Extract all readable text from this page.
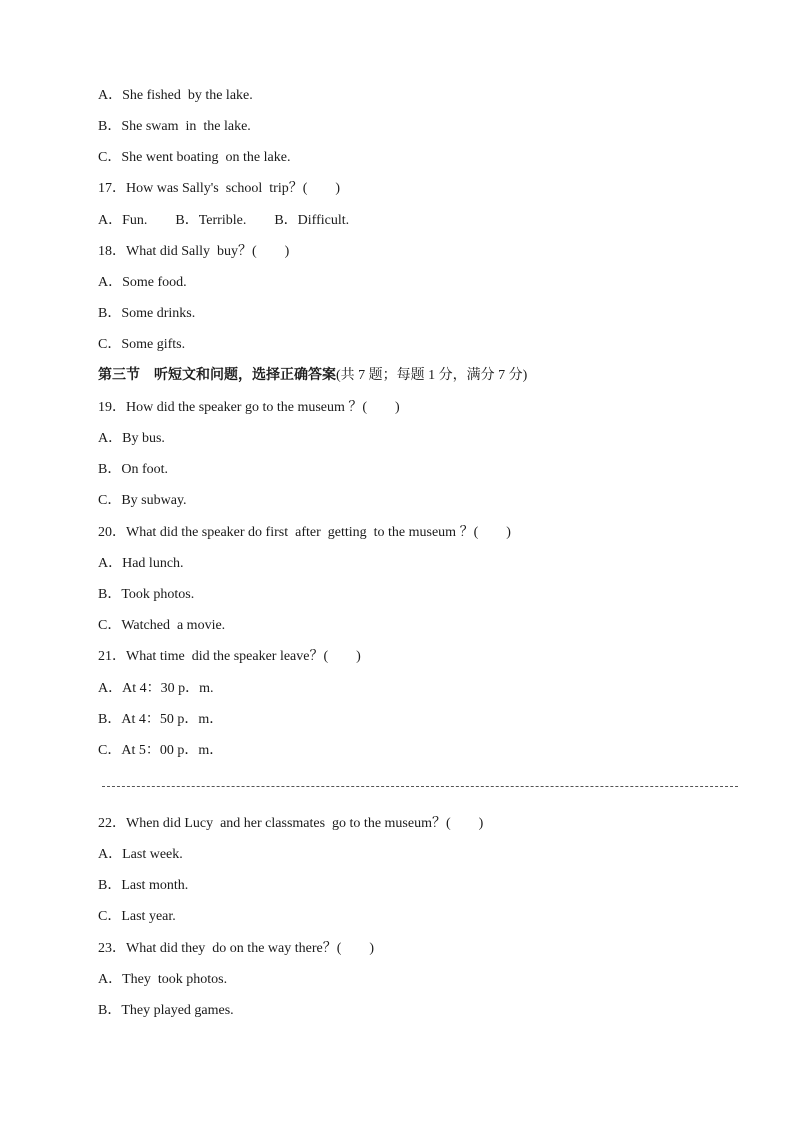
A．She fished  by the lake.
B．She swam  in  the lake.
C．She went boating  on the lake.
17．How was Sally's  school  trip？(　　)
A．Fun.　　B．Terrible.　　B．Difficult.
18．What did Sally  buy？(　　)
A．Some food.
B．Some drinks.
C．Some gifts.
第三节　听短文和问题，选择正确答案(共 7 题；每题 1 分，满分 7 分)
19．How did the speaker go to the museum ？(　　)
A．By bus.
B．On foot.
C．By subway.
20．What did the speaker do first  after  getting  to the museum ？(　　)
A．Had lunch.
B．Took photos.
C．Watched  a movie.
21．What time  did the speaker leave？(　　)
A．At 4：30 p．m.
B．At 4：50 p．m．
C．At 5：00 p．m．
22．When did Lucy  and her classmates  go to the museum？(　　)
A．Last week.
B．Last month.
C．Last year.
23．What did they  do on the way there？(　　)
A．They  took photos.
B．They played games.
